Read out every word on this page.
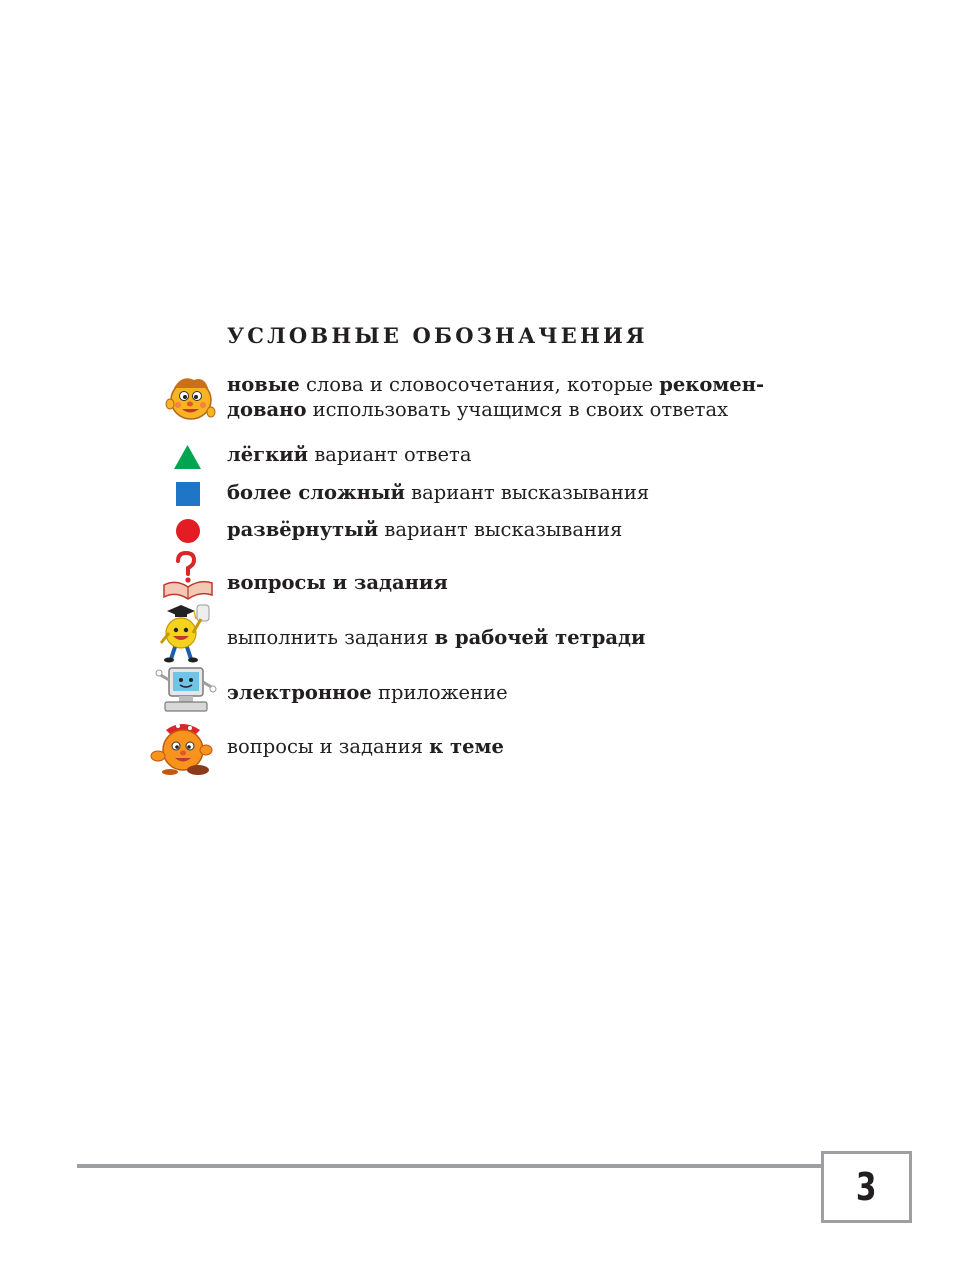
УСЛОВНЫЕ ОБОЗНАЧЕНИЯ
новые слова и словосочетания, которые рекомен-
довано использовать учащимся в своих ответах
лёгкий вариант ответа
более сложный вариант высказывания
развёрнутый вариант высказывания
вопросы и задания
выполнить задания в рабочей тетради
электронное приложение
вопросы и задания к теме
3
